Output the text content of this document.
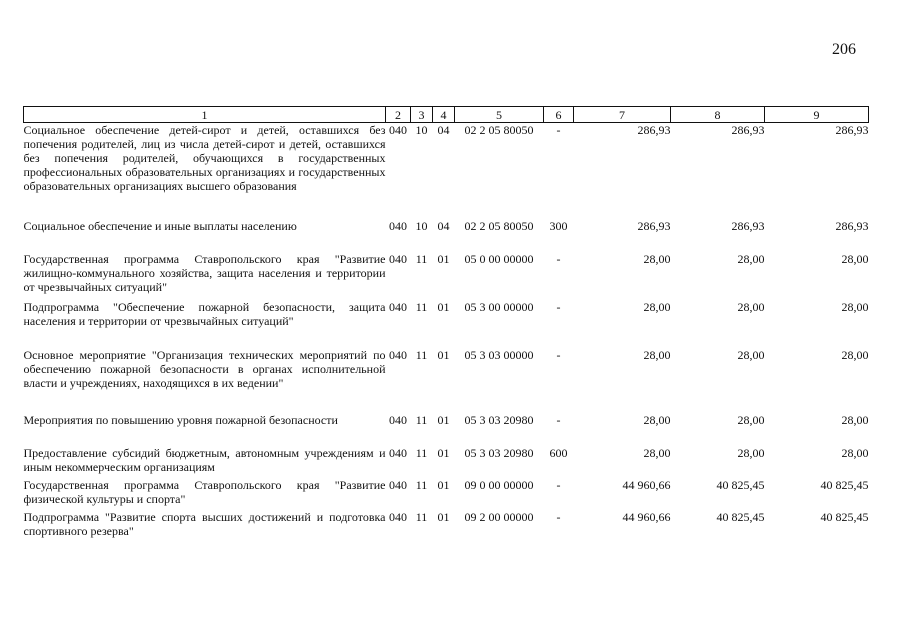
206
1	2	3	4	5	6	7	8	9
Социальное обеспечение детей-сирот и детей, оставшихся без попечения родителей, лиц из числа детей-сирот и детей, оставшихся без попечения родителей, обучающихся в государственных профессиональных образовательных организациях и государственных образовательных организациях высшего образования	040	10	04	02 2 05 80050	-	286,93	286,93	286,93
Социальное обеспечение и иные выплаты населению	040	10	04	02 2 05 80050	300	286,93	286,93	286,93
Государственная программа Ставропольского края "Развитие жилищно-коммунального хозяйства, защита населения и территории от чрезвычайных ситуаций"	040	11	01	05 0 00 00000	-	28,00	28,00	28,00
Подпрограмма "Обеспечение пожарной безопасности, защита населения и территории от чрезвычайных ситуаций"	040	11	01	05 3 00 00000	-	28,00	28,00	28,00
Основное мероприятие "Организация технических мероприятий по обеспечению пожарной безопасности в органах исполнительной власти и учреждениях, находящихся в их ведении"	040	11	01	05 3 03 00000	-	28,00	28,00	28,00
Мероприятия по повышению уровня пожарной безопасности	040	11	01	05 3 03 20980	-	28,00	28,00	28,00
Предоставление субсидий бюджетным, автономным учреждениям и иным некоммерческим организациям	040	11	01	05 3 03 20980	600	28,00	28,00	28,00
Государственная программа Ставропольского края "Развитие физической культуры и спорта"	040	11	01	09 0 00 00000	-	44 960,66	40 825,45	40 825,45
Подпрограмма "Развитие спорта высших достижений и подготовка спортивного резерва"	040	11	01	09 2 00 00000	-	44 960,66	40 825,45	40 825,45
